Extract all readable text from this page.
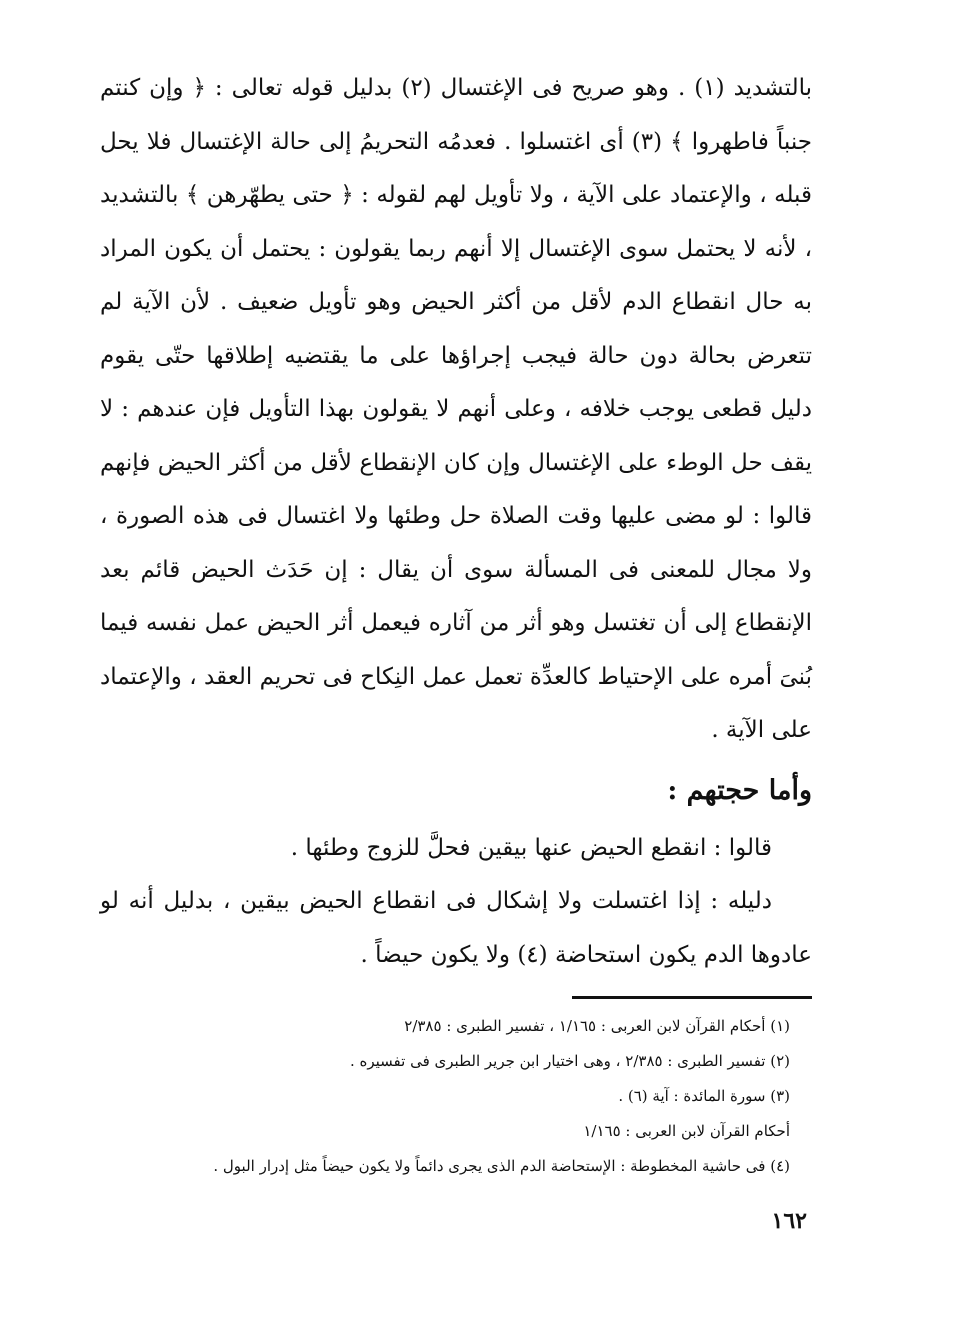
بالتشديد (١) . وهو صريح فى الإغتسال (٢) بدليل قوله تعالى : ﴿ وإن كنتم جنباً فاطهروا ﴾ (٣) أى اغتسلوا . فعدمُه التحريمُ إلى حالة الإغتسال فلا يحل قبله ، والإعتماد على الآية ، ولا تأويل لهم لقوله : ﴿ حتى يطهّرهن ﴾ بالتشديد ، لأنه لا يحتمل سوى الإغتسال إلا أنهم ربما يقولون : يحتمل أن يكون المراد به حال انقطاع الدم لأقل من أكثر الحيض وهو تأويل ضعيف . لأن الآية لم تتعرض بحالة دون حالة فيجب إجراؤها على ما يقتضيه إطلاقها حتّى يقوم دليل قطعى يوجب خلافه ، وعلى أنهم لا يقولون بهذا التأويل فإن عندهم : لا يقف حل الوطء على الإغتسال وإن كان الإنقطاع لأقل من أكثر الحيض فإنهم قالوا : لو مضى عليها وقت الصلاة حل وطئها ولا اغتسال فى هذه الصورة ، ولا مجال للمعنى فى المسألة سوى أن يقال : إن حَدَث الحيض قائم بعد الإنقطاع إلى أن تغتسل وهو أثر من آثاره فيعمل أثر الحيض عمل نفسه فيما بُنىَ أمره على الإحتياط كالعدِّة تعمل عمل النِكاح فى تحريم العقد ، والإعتماد على الآية .

وأما حجتهم :

قالوا : انقطع الحيض عنها بيقين فحلَّ للزوج وطئها .

دليله : إذا اغتسلت ولا إشكال فى انقطاع الحيض بيقين ، بدليل أنه لو عادوها الدم يكون استحاضة (٤) ولا يكون حيضاً .

(١) أحكام القرآن لابن العربى : ١/١٦٥ ، تفسير الطبرى : ٢/٣٨٥
(٢) تفسير الطبرى : ٢/٣٨٥ ، وهى اختيار ابن جرير الطبرى فى تفسيره .
(٣) سورة المائدة : آية (٦) .
أحكام القرآن لابن العربى : ١/١٦٥
(٤) فى حاشية المخطوطة : الإستحاضة الدم الذى يجرى دائماً ولا يكون حيضاً مثل إدرار البول .
١٦٢
